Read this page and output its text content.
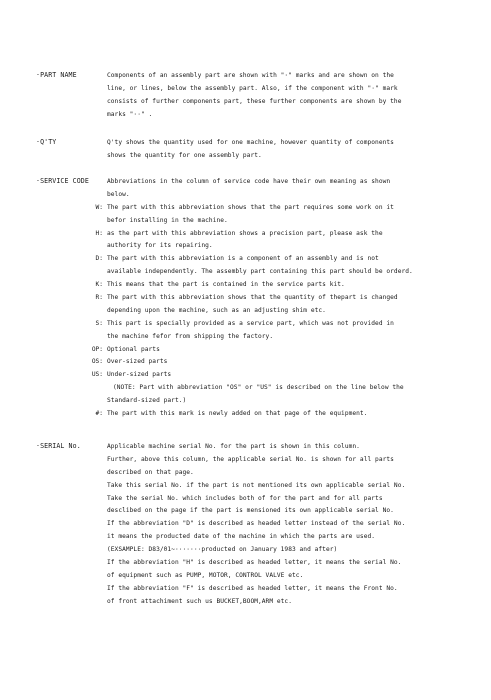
·PART NAME	Components of an assembly part are shown with "·" marks and are shown on the
line, or lines, below the assembly part. Also, if the component with "·" mark
consists of further components part, these further components are shown by the
marks "··" .
·Q'TY	Q'ty shows the quantity used for one machine, however quantity of components
shows the quantity for one assembly part.
·SERVICE CODE	Abbreviations in the column of service code have their own meaning as shown
below.
W: The part with this abbreviation shows that the part requires some work on it
befor installing in the machine.
H: as the part with this abbreviation shows a precision part, please ask the
authority for its repairing.
D: The part with this abbreviation is a component of an assembly and is not
available independently. The assembly part containing this part should be orderd.
K: This means that the part is contained in the service parts kit.
R: The part with this abbreviation shows that the quantity of thepart is changed
depending upon the machine, such as an adjusting shim etc.
S: This part is specially provided as a service part, which was not provided in
the machine fefor from shipping the factory.
OP: Optional parts
OS: Over-sized parts
US: Under-sized parts
(NOTE: Part with abbreviation "OS" or "US" is described on the line below the
Standard-sized part.)
#: The part with this mark is newly added on that page of the equipment.
·SERIAL No.	Applicable machine serial No. for the part is shown in this column.
Further, above this column, the applicable serial No. is shown for all parts
described on that page.
Take this serial No. if the part is not mentioned its own applicable serial No.
Take the serial No. which includes both of for the part and for all parts
desclibed on the page if the part is mensioned its own applicable serial No.
If the abbreviation "D" is described as headed letter instead of the serial No.
it means the producted date of the machine in which the parts are used.
(EXSAMPLE: D83/01~·······producted on January 1983 and after)
If the abbreviation "H" is described as headed letter, it means the serial No.
of equipment such as PUMP, MOTOR, CONTROL VALVE etc.
If the abbreviation "F" is described as headed letter, it means the Front No.
of front attachiment such us BUCKET,BOOM,ARM etc.
